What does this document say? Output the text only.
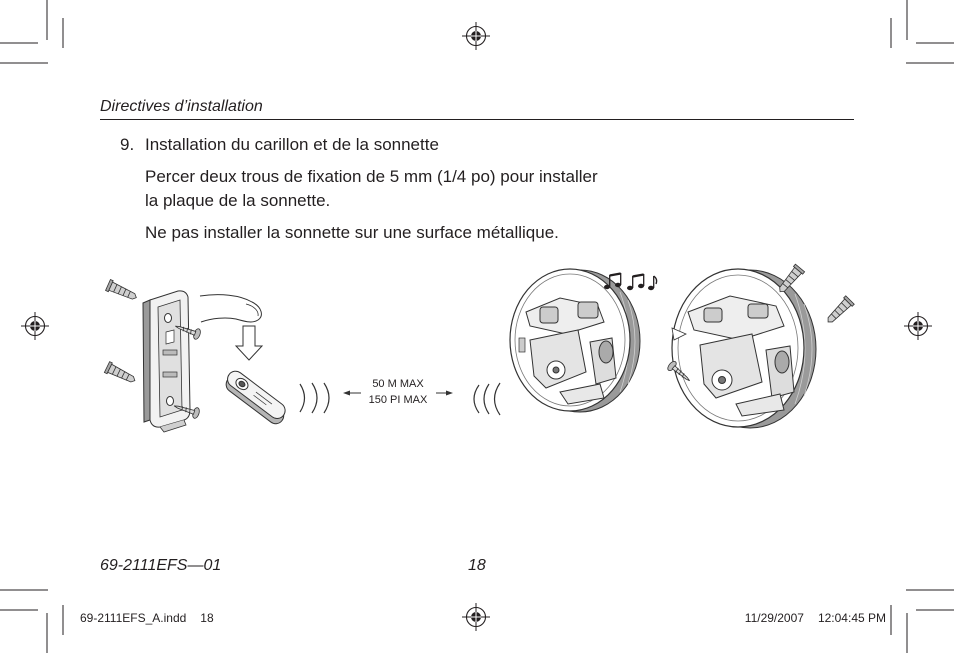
50 M MAX
150 PI MAX
Directives d’installation
9. Installation du carillon et de la sonnette
Percer deux trous de fixation de 5 mm (1/4 po) pour installer
la plaque de la sonnette.
Ne pas installer la sonnette sur une surface métallique.
69-2111EFS—01	18
69-2111EFS_A.indd 18	11/29/2007 12:04:45 PM
